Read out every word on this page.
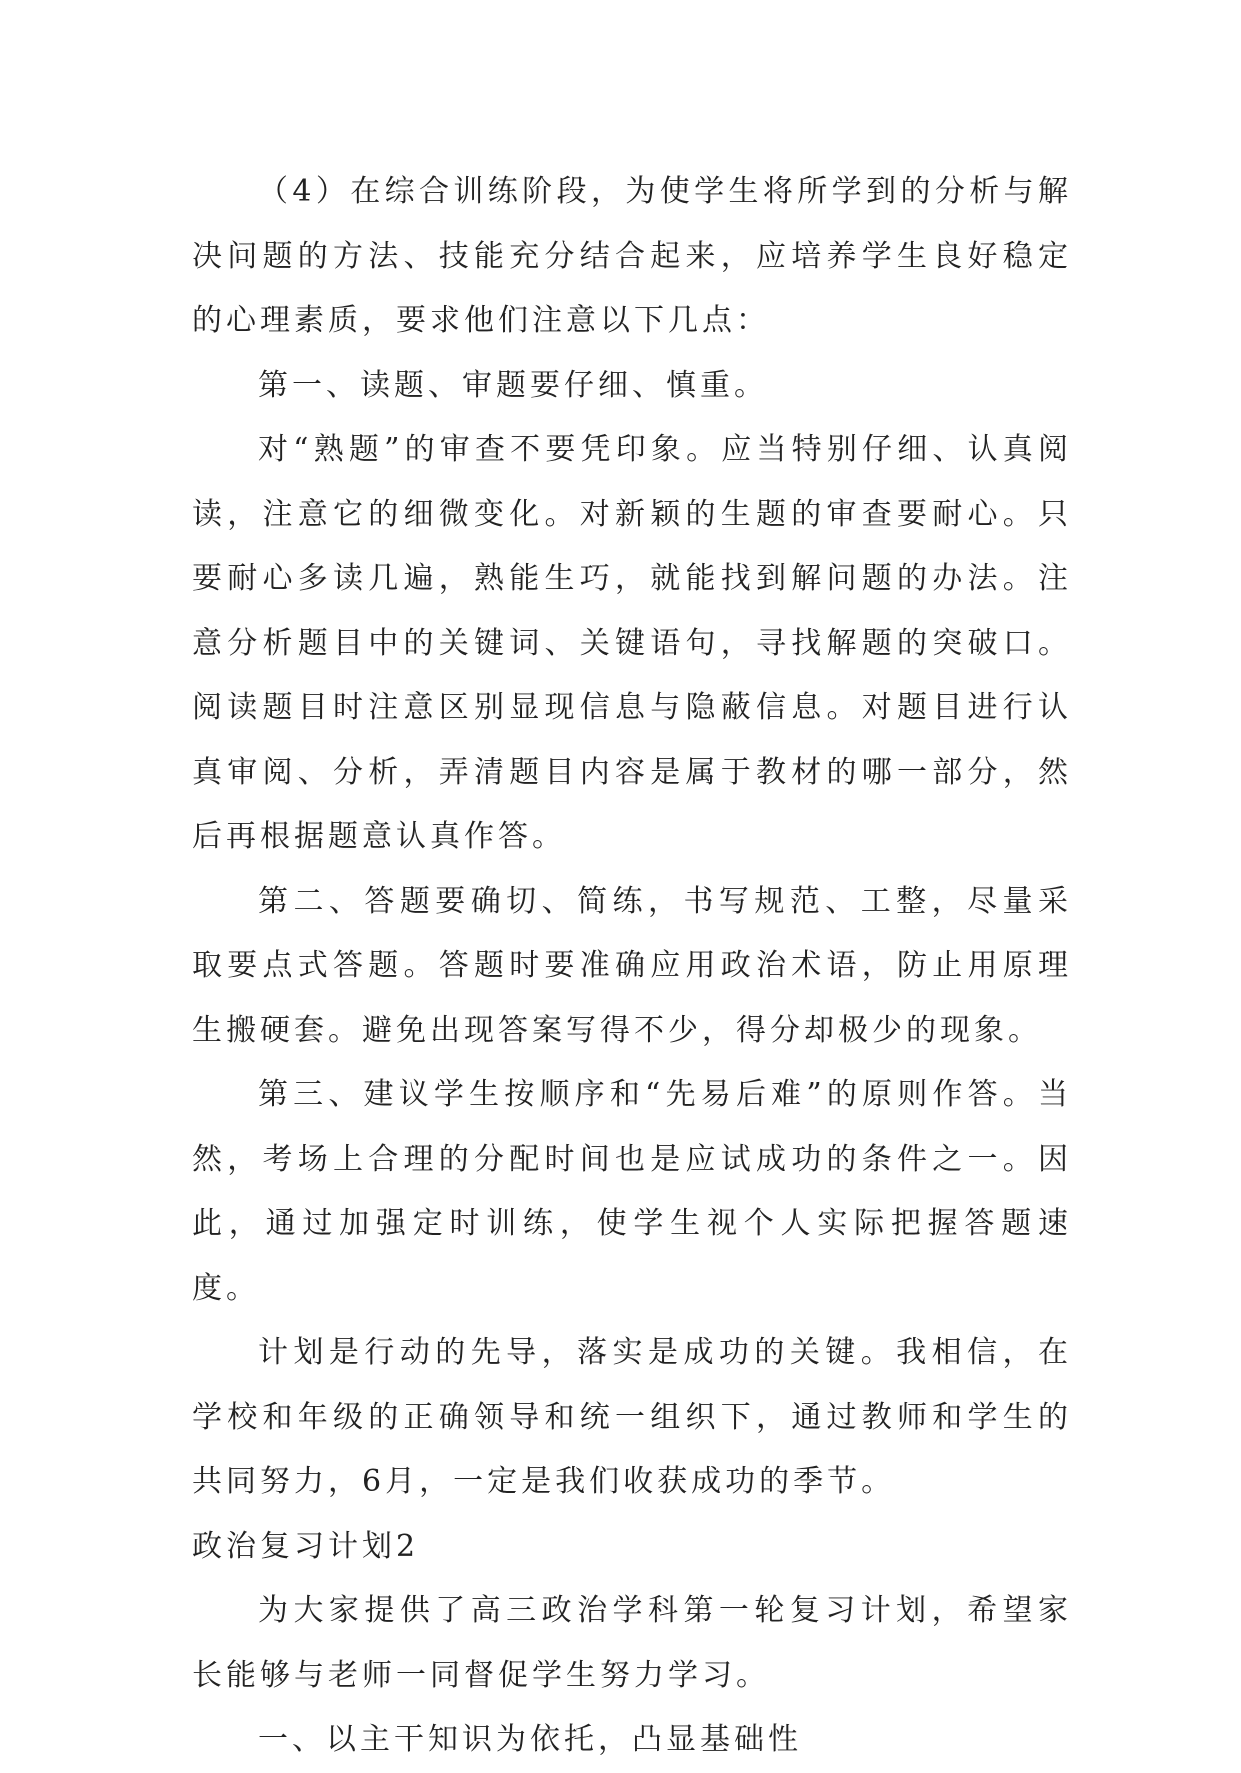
（4）在综合训练阶段，为使学生将所学到的分析与解决问题的方法、技能充分结合起来，应培养学生良好稳定的心理素质，要求他们注意以下几点：

第一、读题、审题要仔细、慎重。

对“熟题”的审查不要凭印象。应当特别仔细、认真阅读，注意它的细微变化。对新颖的生题的审查要耐心。只要耐心多读几遍，熟能生巧，就能找到解问题的办法。注意分析题目中的关键词、关键语句，寻找解题的突破口。阅读题目时注意区别显现信息与隐蔽信息。对题目进行认真审阅、分析，弄清题目内容是属于教材的哪一部分，然后再根据题意认真作答。

第二、答题要确切、简练，书写规范、工整，尽量采取要点式答题。答题时要准确应用政治术语，防止用原理生搬硬套。避免出现答案写得不少，得分却极少的现象。

第三、建议学生按顺序和“先易后难”的原则作答。当然，考场上合理的分配时间也是应试成功的条件之一。因此，通过加强定时训练，使学生视个人实际把握答题速度。

计划是行动的先导，落实是成功的关键。我相信，在学校和年级的正确领导和统一组织下，通过教师和学生的共同努力，6月，一定是我们收获成功的季节。

政治复习计划2

为大家提供了高三政治学科第一轮复习计划，希望家长能够与老师一同督促学生努力学习。

一、以主干知识为依托，凸显基础性
